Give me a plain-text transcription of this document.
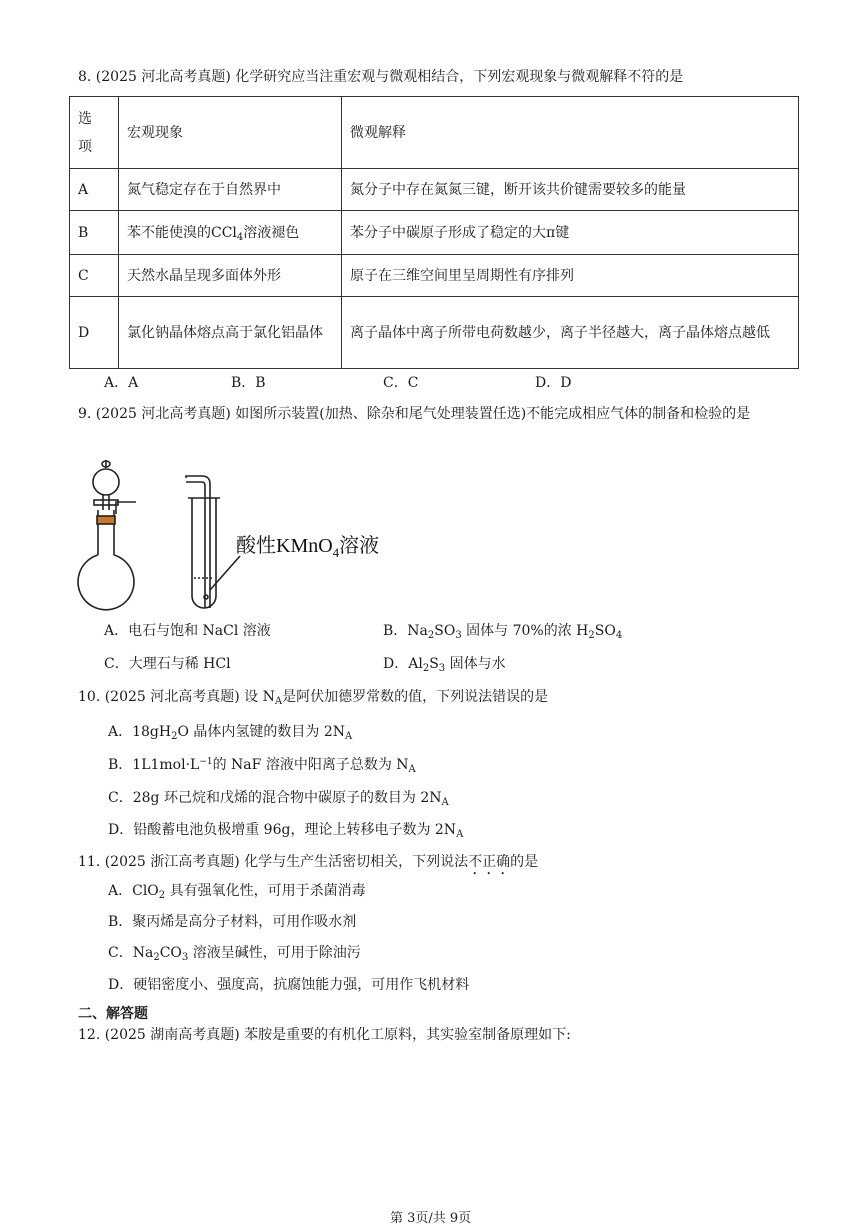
8. (2025 河北高考真题) 化学研究应当注重宏观与微观相结合，下列宏观现象与微观解释不符的是
选项	宏观现象	微观解释
A	氮气稳定存在于自然界中	氮分子中存在氮氮三键，断开该共价键需要较多的能量
B	苯不能使溴的CCl$_4$溶液褪色	苯分子中碳原子形成了稳定的大π键
C	天然水晶呈现多面体外形	原子在三维空间里呈周期性有序排列
D	氯化钠晶体熔点高于氯化铝晶体	离子晶体中离子所带电荷数越少，离子半径越大，离子晶体熔点越低
A．A	B．B	C．C	D．D
9. (2025 河北高考真题) 如图所示装置(加热、除杂和尾气处理装置任选)不能完成相应气体的制备和检验的是
酸性KMnO$_4$溶液
A．电石与饱和 NaCl 溶液	B．$Na_2SO_3$ 固体与 70%的浓 $H_2SO_4$
C．大理石与稀 HCl	D．$Al_2S_3$ 固体与水
10. (2025 河北高考真题) 设 $N_A$是阿伏加德罗常数的值，下列说法错误的是
A．$18gH_2O$ 晶体内氢键的数目为 $2N_A$
B．$1L1mol\cdot L^{-1}$的 NaF 溶液中阳离子总数为 $N_A$
C．28g 环己烷和戊烯的混合物中碳原子的数目为 $2N_A$
D．铅酸蓄电池负极增重 96g，理论上转移电子数为 $2N_A$
11. (2025 浙江高考真题) 化学与生产生活密切相关，下列说法不正确的是
A．ClO$_2$ 具有强氧化性，可用于杀菌消毒
B．聚丙烯是高分子材料，可用作吸水剂
C．$Na_2CO_3$ 溶液呈碱性，可用于除油污
D．硬铝密度小、强度高，抗腐蚀能力强，可用作飞机材料
二、解答题
12. (2025 湖南高考真题) 苯胺是重要的有机化工原料，其实验室制备原理如下:
第 3页/共 9页
